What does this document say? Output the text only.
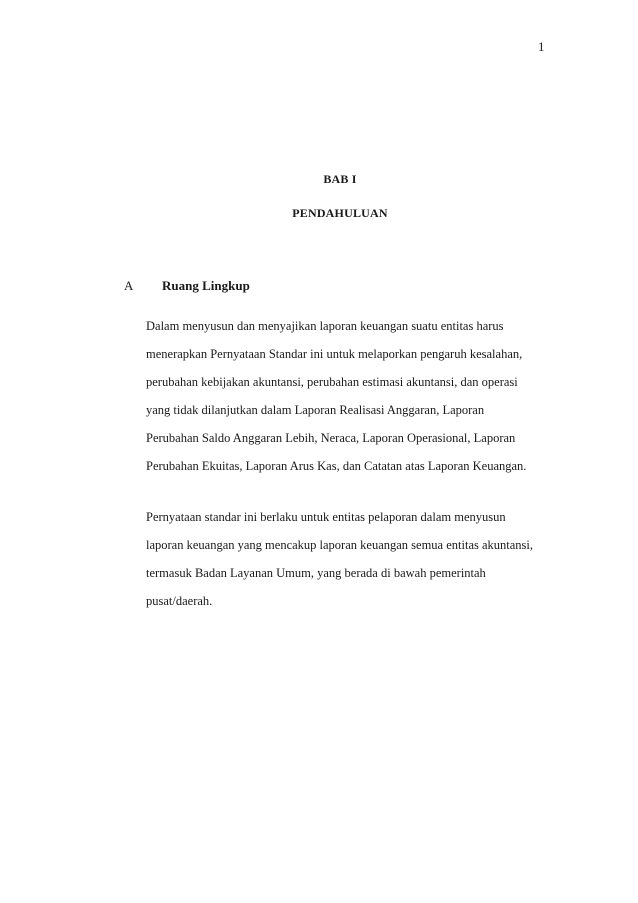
1
BAB I
PENDAHULUAN
A	Ruang Lingkup
Dalam menyusun dan menyajikan laporan keuangan suatu entitas harus
menerapkan Pernyataan Standar ini untuk melaporkan pengaruh kesalahan,
perubahan kebijakan akuntansi, perubahan estimasi akuntansi, dan operasi
yang tidak dilanjutkan dalam Laporan Realisasi Anggaran, Laporan
Perubahan Saldo Anggaran Lebih, Neraca, Laporan Operasional, Laporan
Perubahan Ekuitas, Laporan Arus Kas, dan Catatan atas Laporan Keuangan.
Pernyataan standar ini berlaku untuk entitas pelaporan dalam menyusun
laporan keuangan yang mencakup laporan keuangan semua entitas akuntansi,
termasuk Badan Layanan Umum, yang berada di bawah pemerintah
pusat/daerah.
